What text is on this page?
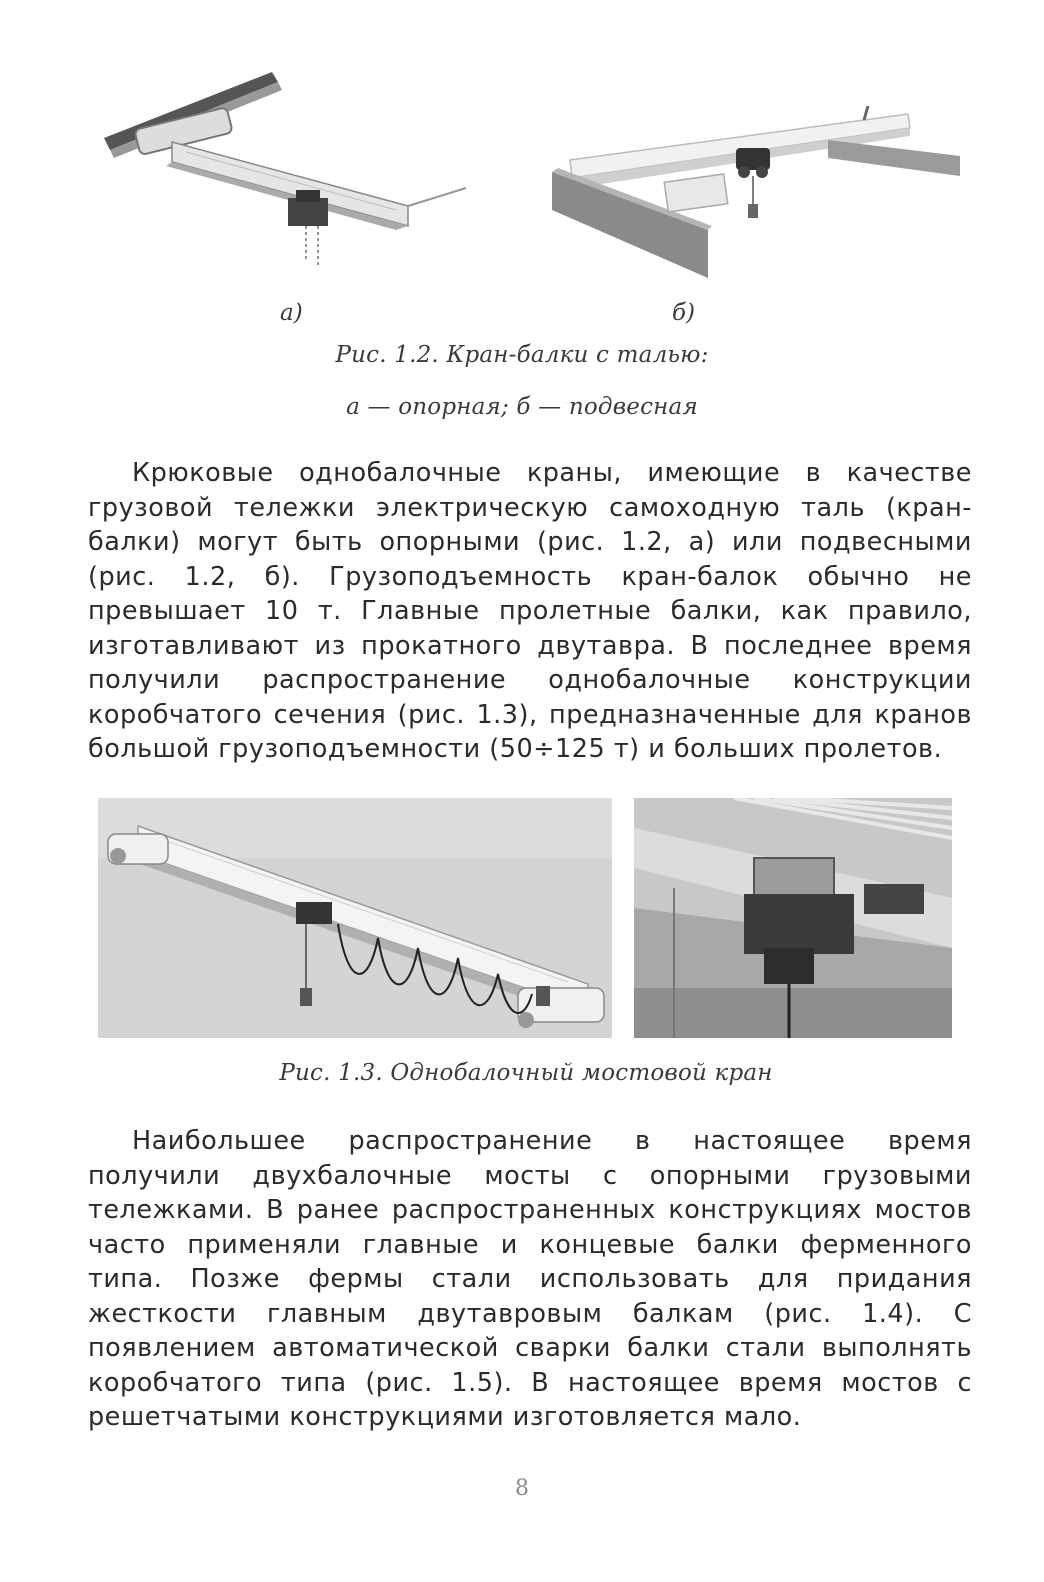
а)	б)
Рис. 1.2. Кран-балки с талью:
а — опорная; б — подвесная

Крюковые однобалочные краны, имеющие в качестве грузовой тележки электрическую самоходную таль (кран-балки) могут быть опорными (рис. 1.2, а) или подвесными (рис. 1.2, б). Грузоподъемность кран-балок обычно не превышает 10 т. Главные пролетные балки, как правило, изготавливают из прокатного двутавра. В последнее время получили распространение однобалочные конструкции коробчатого сечения (рис. 1.3), предназначенные для кранов большой грузоподъемности (50÷125 т) и больших пролетов.

Рис. 1.3. Однобалочный мостовой кран

Наибольшее распространение в настоящее время получили двухбалочные мосты с опорными грузовыми тележками. В ранее распространенных конструкциях мостов часто применяли главные и концевые балки ферменного типа. Позже фермы стали использовать для придания жесткости главным двутавровым балкам (рис. 1.4). С появлением автоматической сварки балки стали выполнять коробчатого типа (рис. 1.5). В настоящее время мостов с решетчатыми конструкциями изготовляется мало.

8
